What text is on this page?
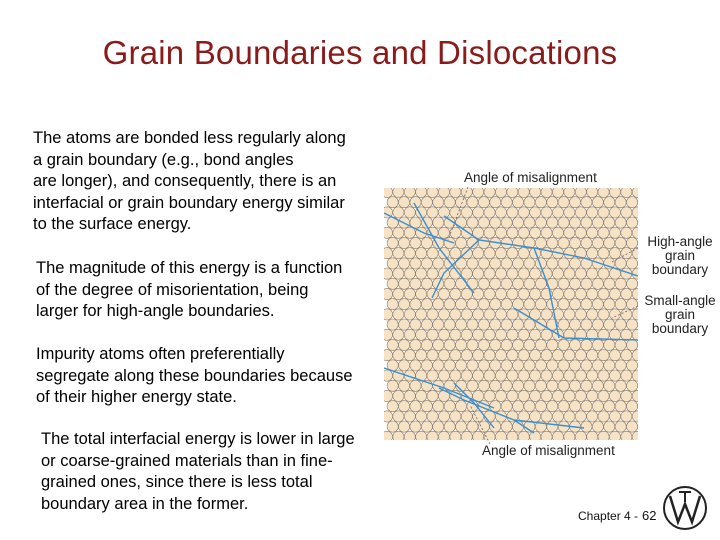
Grain Boundaries and Dislocations
The atoms are bonded less regularly along
a grain boundary (e.g., bond angles
are longer), and consequently, there is an
interfacial or grain boundary energy similar
to the surface energy.
The magnitude of this energy is a function
of the degree of misorientation, being
larger for high-angle boundaries.
Impurity atoms often preferentially
segregate along these boundaries because
of their higher energy state.
The total interfacial energy is lower in large
or coarse-grained materials than in fine-
grained ones, since there is less total
boundary area in the former.
Angle of misalignment
Angle of misalignment
High-angle
grain
boundary
Small-angle
grain
boundary
Chapter 4 - 62
